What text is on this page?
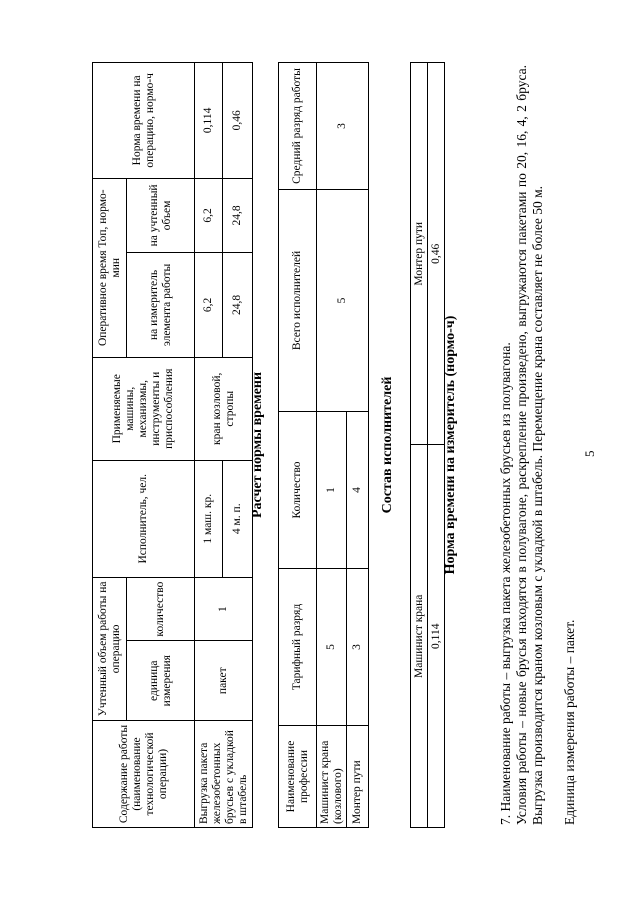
5
7. Наименование работы – выгрузка пакета железобетонных брусьев из полувагона. Условия работы – новые брусья находятся в полувагоне, раскрепление произведено, выгружаются пакетами по 20, 16, 4, 2 бруса. Выгрузка производится краном козловым с укладкой в штабель. Перемещение крана составляет не более 50 м. Единица измерения работы – пакет.
Норма времени на измеритель (нормо-ч)
Машинист крана	Монтер пути
0,114	0,46
Состав исполнителей
Наименование профессии	Тарифный разряд	Количество	Всего исполнителей	Средний разряд работы
Машинист крана (козлового)	5	1	5	3
Монтер пути	3	4		
Расчет нормы времени
Содержание работы (наименование технологической операции)	Учтенный объем работы на операцию		Исполнитель, чел.	Применяемые машины, механизмы, инструменты и приспособления	Оперативное время Топ, нормо-мин		Норма времени на операцию, нормо-ч
	единица измерения	количество			на измеритель элемента работы	на учтенный объем	
Выгрузка пакета железобетонных брусьев с укладкой в штабель	пакет	1	1 маш. кр.	кран козловой, стропы	6,2	6,2	0,114
			4 м. п.		24,8	24,8	0,46
